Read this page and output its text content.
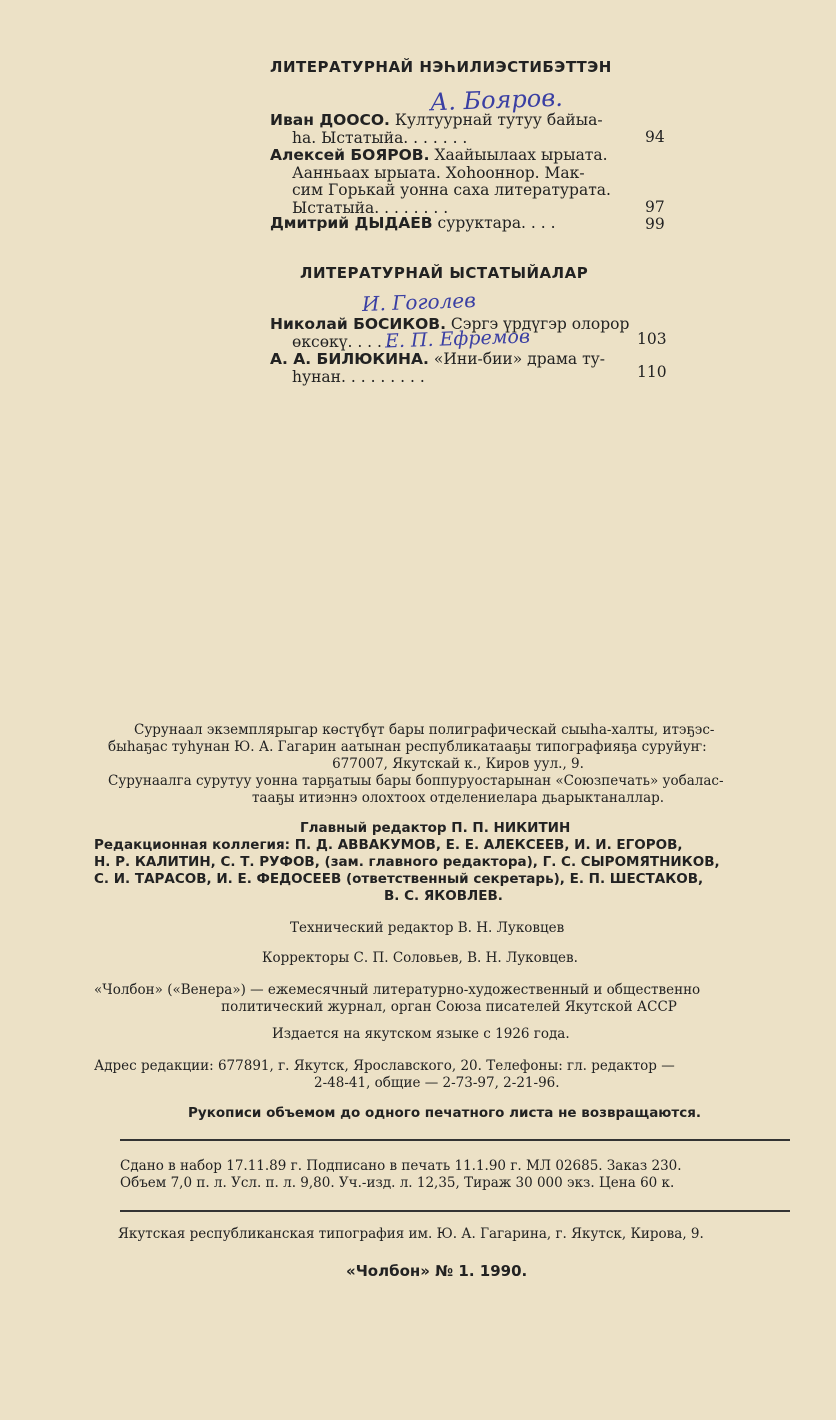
ЛИТЕРАТУРНАЙ НЭҺИЛИЭСТИБЭТТЭН
А. Бояров.
Иван ДООСО. Култуурнай тутуу байыа-
һа. Ыстатыйа. . . . . . .	94
Алексей БОЯРОВ. Хаайыылаах ырыата.
Аанньаах ырыата. Хоһооннор. Мак-
сим Горькай уонна саха литературата.
Ыстатыйа. . . . . . . .	97
Дмитрий ДЫДАЕВ суруктара. . . .	99
ЛИТЕРАТУРНАЙ ЫСТАТЫЙАЛАР
И. Гоголев
Николай БОСИКОВ. Сэргэ үрдүгэр олорор
өксөкү. . . . .
Е. П. Ефремов	103
А. А. БИЛЮКИНА. «Ини-бии» драма ту-
һунан. . . . . . . . .	110
Сурунаал экземплярыгар көстүбүт бары полиграфическай сыыһа-халты, итэҕэс-
быһаҕас туһунан Ю. А. Гагарин аатынан республикатааҕы типографияҕа суруйуҥ:
677007, Якутскай к., Киров уул., 9.
Сурунаалга сурутуу уонна тарҕатыы бары боппуруостарынан «Союзпечать» уобалас-
тааҕы итиэннэ олохтоох отделениелара дьарыктаналлар.
Главный редактор П. П. НИКИТИН
Редакционная коллегия: П. Д. АВВАКУМОВ, Е. Е. АЛЕКСЕЕВ, И. И. ЕГОРОВ,
Н. Р. КАЛИТИН, С. Т. РУФОВ, (зам. главного редактора), Г. С. СЫРОМЯТНИКОВ,
С. И. ТАРАСОВ, И. Е. ФЕДОСЕЕВ (ответственный секретарь), Е. П. ШЕСТАКОВ,
В. С. ЯКОВЛЕВ.
Технический редактор В. Н. Луковцев
Корректоры С. П. Соловьев, В. Н. Луковцев.
«Чолбон» («Венера») — ежемесячный литературно-художественный и общественно
политический журнал, орган Союза писателей Якутской АССР
Издается на якутском языке с 1926 года.
Адрес редакции: 677891, г. Якутск, Ярославского, 20. Телефоны: гл. редактор —
2-48-41, общие — 2-73-97, 2-21-96.
Рукописи объемом до одного печатного листа не возвращаются.
Сдано в набор 17.11.89 г. Подписано в печать 11.1.90 г. МЛ 02685. Заказ 230.
Объем 7,0 п. л. Усл. п. л. 9,80. Уч.-изд. л. 12,35, Тираж 30 000 экз. Цена 60 к.
Якутская республиканская типография им. Ю. А. Гагарина, г. Якутск, Кирова, 9.
«Чолбон» № 1. 1990.
